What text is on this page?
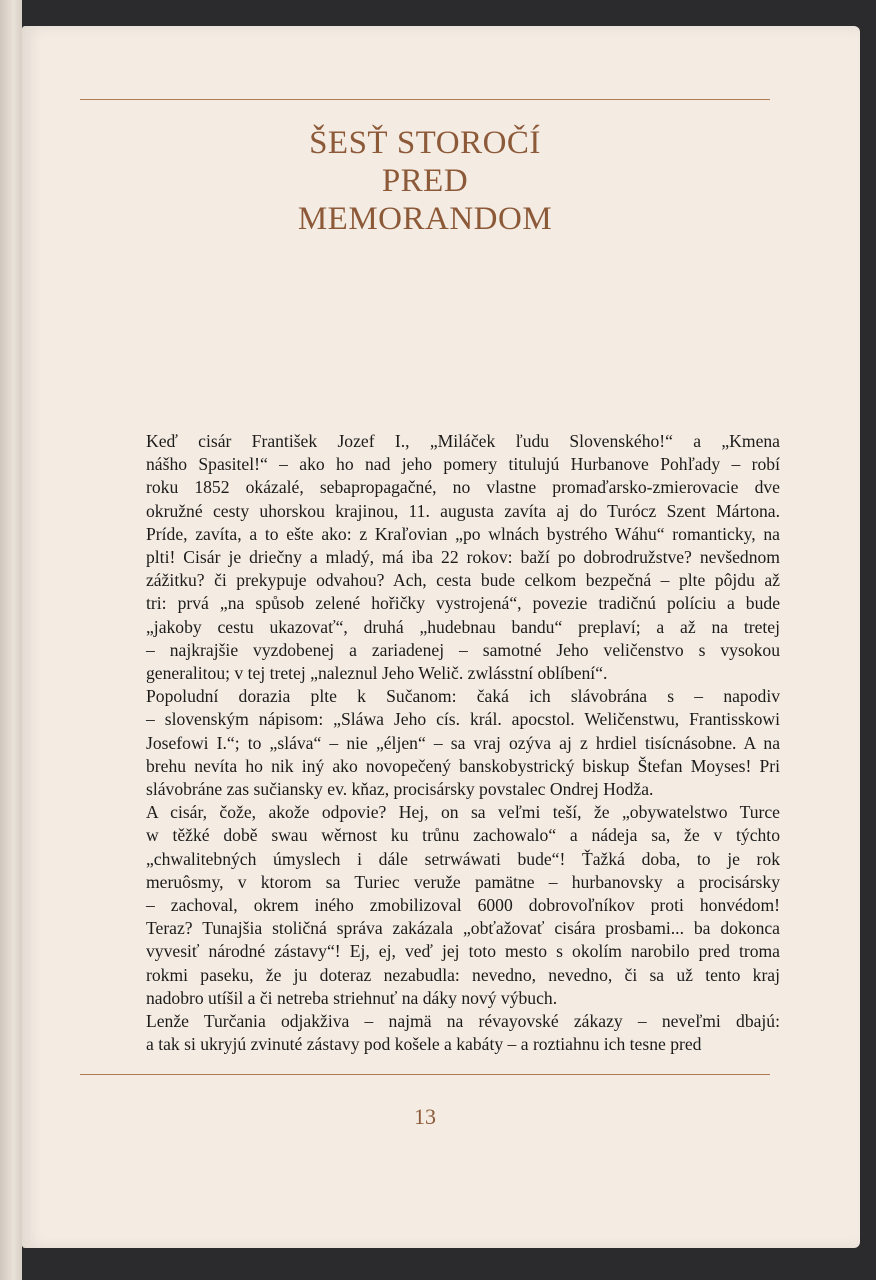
ŠESŤ STOROČÍ
PRED
MEMORANDOM

Keď cisár František Jozef I., „Miláček ľudu Slovenského!“ a „Kmena
nášho Spasitel!“ – ako ho nad jeho pomery titulujú Hurbanove Pohľady – robí
roku 1852 okázalé, sebapropagačné, no vlastne promaďarsko-zmierovacie dve
okružné cesty uhorskou krajinou, 11. augusta zavíta aj do Turócz Szent Mártona.
Príde, zavíta, a to ešte ako: z Kraľovian „po wlnách bystrého Wáhu“ romanticky, na
plti! Cisár je driečny a mladý, má iba 22 rokov: baží po dobrodružstve? nevšednom
zážitku? či prekypuje odvahou? Ach, cesta bude celkom bezpečná – plte pôjdu až
tri: prvá „na spůsob zelené hořičky vystrojená“, povezie tradičnú políciu a bude
„jakoby cestu ukazovať“, druhá „hudebnau bandu“ preplaví; a až na tretej
– najkrajšie vyzdobenej a zariadenej – samotné Jeho veličenstvo s vysokou
generalitou; v tej tretej „naleznul Jeho Welič. zwlásstní oblíbení“.

Popoludní dorazia plte k Sučanom: čaká ich slávobrána s – napodiv
– slovenským nápisom: „Sláwa Jeho cís. král. apoсstol. Weličenstwu, Frantisskowi
Josefowi I.“; to „sláva“ – nie „éljen“ – sa vraj ozýva aj z hrdiel tisícnásobne. A na
brehu nevíta ho nik iný ako novopečený banskobystrický biskup Štefan Moyses! Pri
slávobráne zas sučiansky ev. kňaz, procisársky povstalec Ondrej Hodža.

A cisár, čože, akože odpovie? Hej, on sa veľmi teší, že „obywatelstwo Turce
w těžké době swau wěrnost ku trůnu zachowalo“ a nádeja sa, že v týchto
„chwalitebných úmyslech i dále setrwáwati bude“! Ťažká doba, to je rok
meruôsmy, v ktorom sa Turiec veruže pamätne – hurbanovsky a procisársky
– zachoval, okrem iného zmobilizoval 6000 dobrovoľníkov proti honvédom!
Teraz? Tunajšia stoličná správa zakázala „obťažovať cisára prosbami... ba dokonca
vyvesiť národné zástavy“! Ej, ej, veď jej toto mesto s okolím narobilo pred troma
rokmi paseku, že ju doteraz nezabudla: nevedno, nevedno, či sa už tento kraj
nadobro utíšil a či netreba striehnuť na dáky nový výbuch.

Lenže Turčania odjakživa – najmä na révayovské zákazy – neveľmi dbajú:
a tak si ukryjú zvinuté zástavy pod košele a kabáty – a roztiahnu ich tesne pred

13
